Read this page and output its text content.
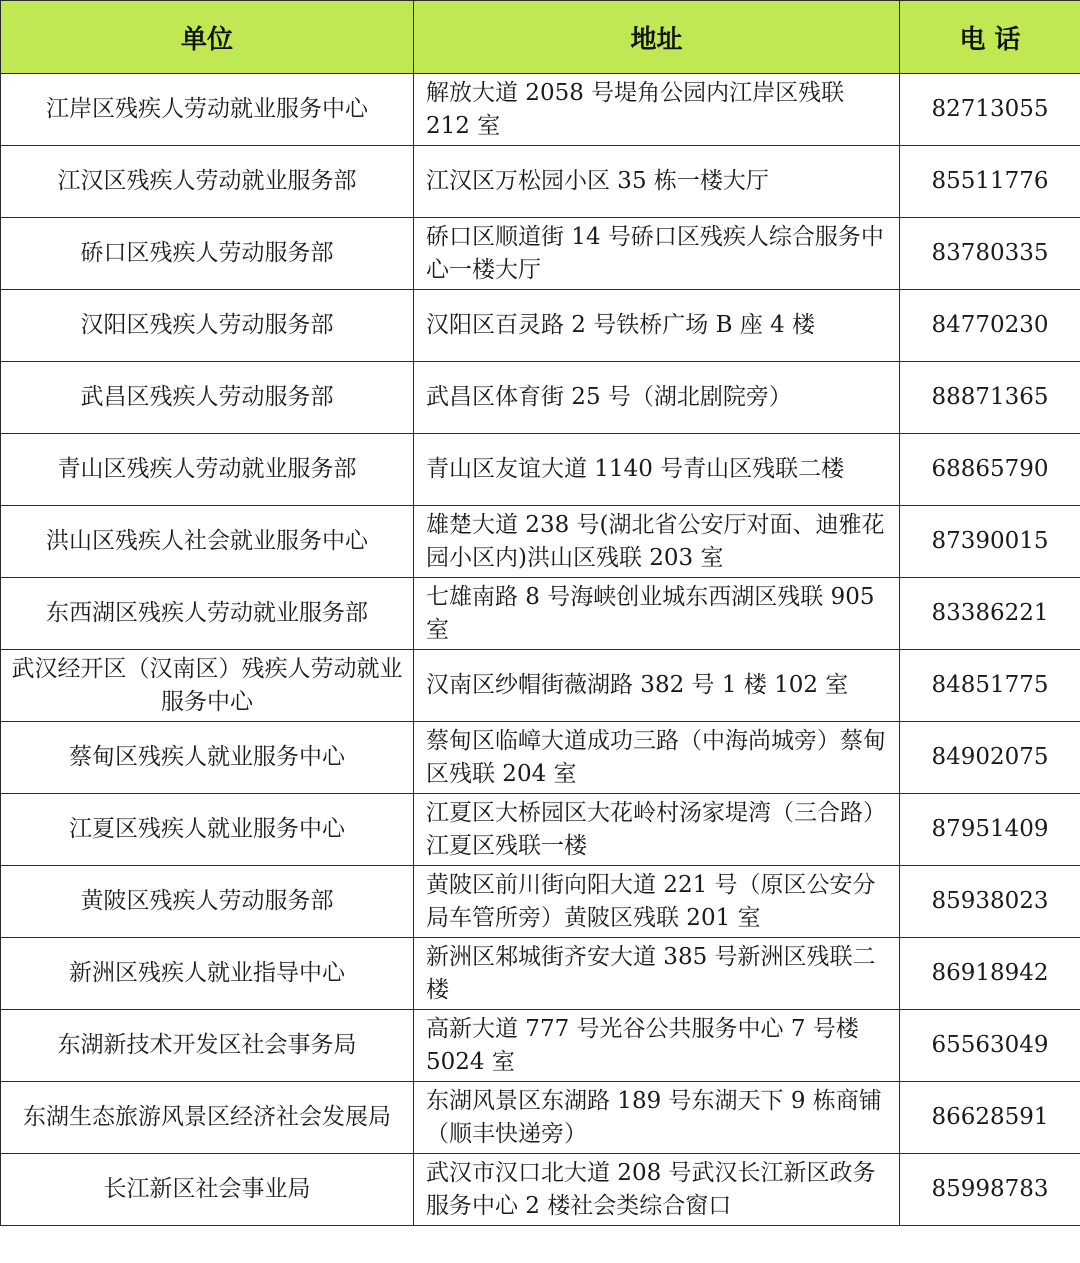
单位	地址	电 话
江岸区残疾人劳动就业服务中心	解放大道 2058 号堤角公园内江岸区残联 212 室	82713055
江汉区残疾人劳动就业服务部	江汉区万松园小区 35 栋一楼大厅	85511776
硚口区残疾人劳动服务部	硚口区顺道街 14 号硚口区残疾人综合服务中心一楼大厅	83780335
汉阳区残疾人劳动服务部	汉阳区百灵路 2 号铁桥广场 B 座 4 楼	84770230
武昌区残疾人劳动服务部	武昌区体育街 25 号（湖北剧院旁）	88871365
青山区残疾人劳动就业服务部	青山区友谊大道 1140 号青山区残联二楼	68865790
洪山区残疾人社会就业服务中心	雄楚大道 238 号(湖北省公安厅对面、迪雅花园小区内)洪山区残联 203 室	87390015
东西湖区残疾人劳动就业服务部	七雄南路 8 号海峡创业城东西湖区残联 905 室	83386221
武汉经开区（汉南区）残疾人劳动就业服务中心	汉南区纱帽街薇湖路 382 号 1 楼 102 室	84851775
蔡甸区残疾人就业服务中心	蔡甸区临嶂大道成功三路（中海尚城旁）蔡甸区残联 204 室	84902075
江夏区残疾人就业服务中心	江夏区大桥园区大花岭村汤家堤湾（三合路）江夏区残联一楼	87951409
黄陂区残疾人劳动服务部	黄陂区前川街向阳大道 221 号（原区公安分局车管所旁）黄陂区残联 201 室	85938023
新洲区残疾人就业指导中心	新洲区邾城街齐安大道 385 号新洲区残联二楼	86918942
东湖新技术开发区社会事务局	高新大道 777 号光谷公共服务中心 7 号楼 5024 室	65563049
东湖生态旅游风景区经济社会发展局	东湖风景区东湖路 189 号东湖天下 9 栋商铺（顺丰快递旁）	86628591
长江新区社会事业局	武汉市汉口北大道 208 号武汉长江新区政务服务中心 2 楼社会类综合窗口	85998783
